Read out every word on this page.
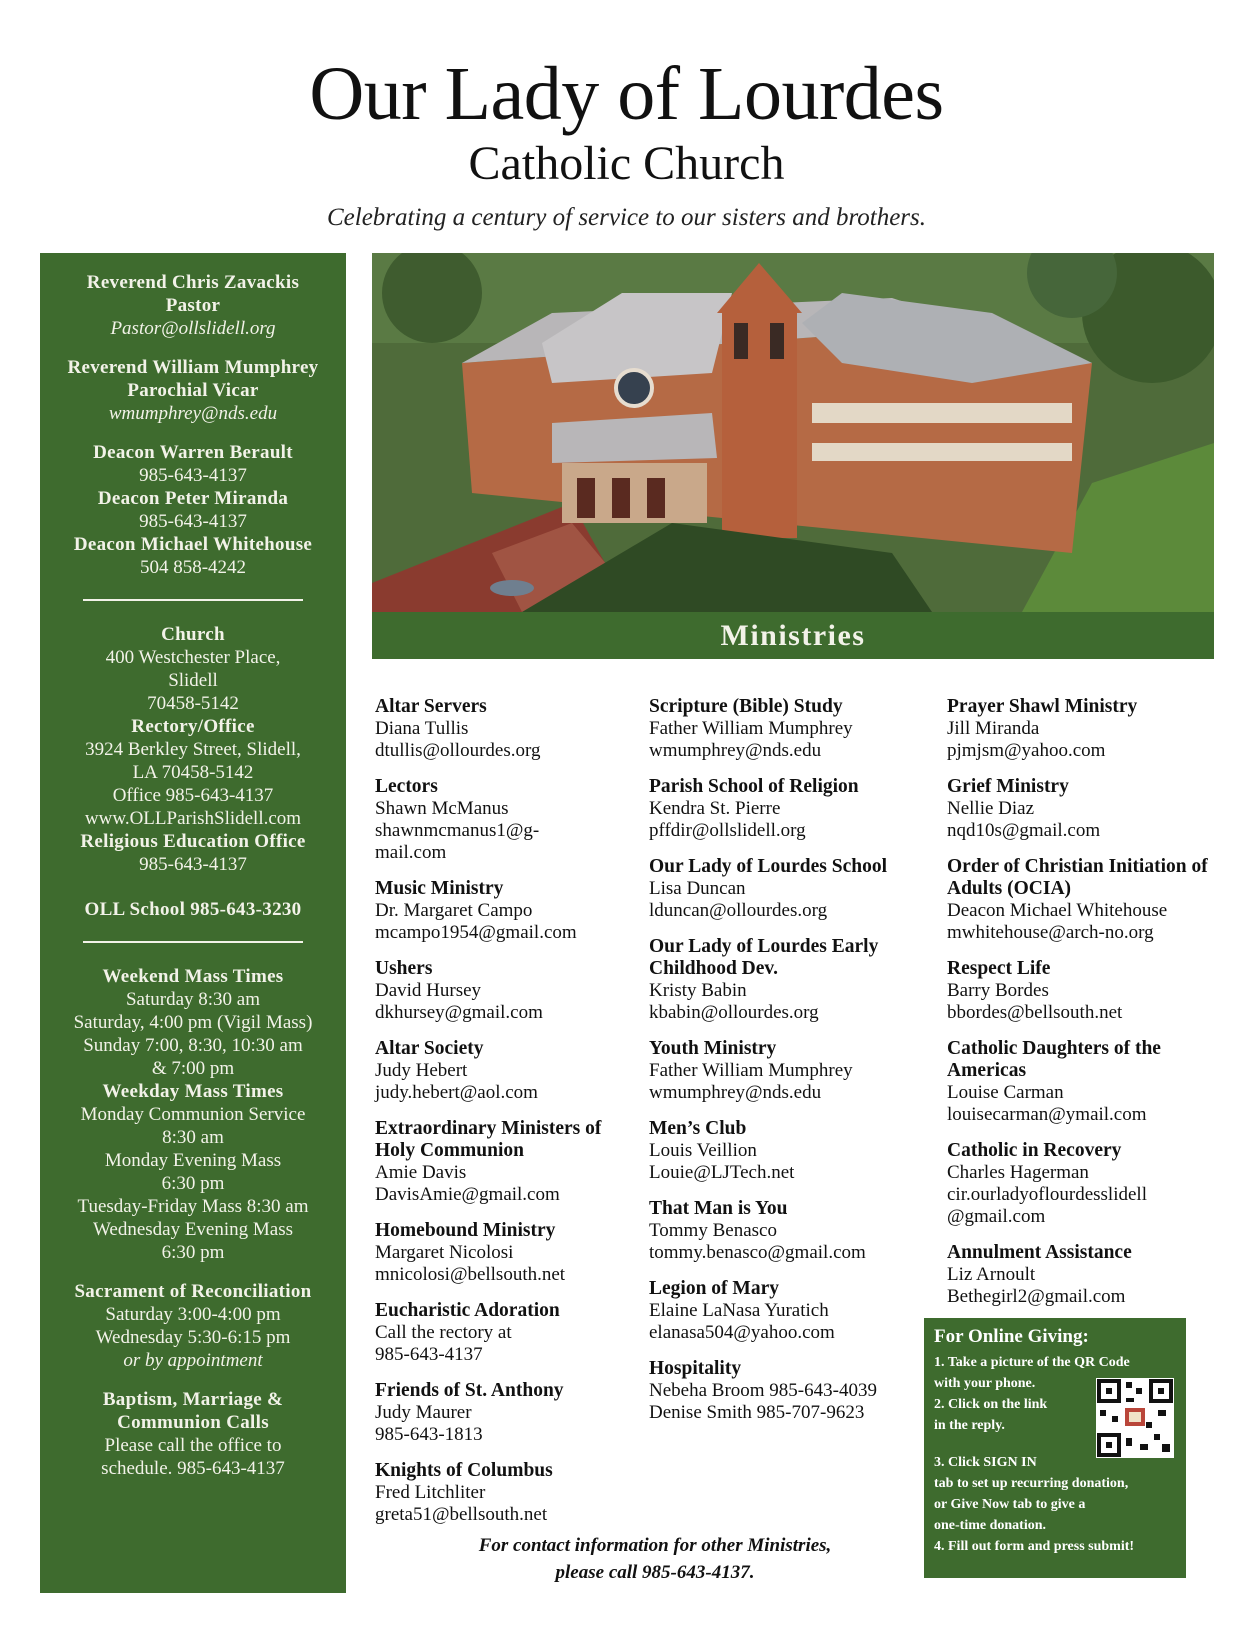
Our Lady of Lourdes
Catholic Church
Celebrating a century of service to our sisters and brothers.
Reverend Chris Zavackis
Pastor
Pastor@ollslidell.org
Reverend William Mumphrey
Parochial Vicar
wmumphrey@nds.edu
Deacon Warren Berault
985-643-4137
Deacon Peter Miranda
985-643-4137
Deacon Michael Whitehouse
504 858-4242
Church
400 Westchester Place,
Slidell
70458-5142
Rectory/Office
3924 Berkley Street, Slidell,
LA 70458-5142
Office 985-643-4137
www.OLLParishSlidell.com
Religious Education Office
985-643-4137
OLL School 985-643-3230
Weekend Mass Times
Saturday 8:30 am
Saturday, 4:00 pm (Vigil Mass)
Sunday 7:00, 8:30, 10:30 am
& 7:00 pm
Weekday Mass Times
Monday Communion Service
8:30 am
Monday Evening Mass
6:30 pm
Tuesday-Friday Mass 8:30 am
Wednesday Evening Mass
6:30 pm
Sacrament of Reconciliation
Saturday 3:00-4:00 pm
Wednesday 5:30-6:15 pm
or by appointment
Baptism, Marriage &
Communion Calls
Please call the office to
schedule. 985-643-4137
Ministries
Altar Servers
Diana Tullis
dtullis@ollourdes.org
Lectors
Shawn McManus
shawnmcmanus1@g-
mail.com
Music Ministry
Dr. Margaret Campo
mcampo1954@gmail.com
Ushers
David Hursey
dkhursey@gmail.com
Altar Society
Judy Hebert
judy.hebert@aol.com
Extraordinary Ministers of Holy Communion
Amie Davis
DavisAmie@gmail.com
Homebound Ministry
Margaret Nicolosi
mnicolosi@bellsouth.net
Eucharistic Adoration
Call the rectory at
985-643-4137
Friends of St. Anthony
Judy Maurer
985-643-1813
Knights of Columbus
Fred Litchliter
greta51@bellsouth.net
Scripture (Bible) Study
Father William Mumphrey
wmumphrey@nds.edu
Parish School of Religion
Kendra St. Pierre
pffdir@ollslidell.org
Our Lady of Lourdes School
Lisa Duncan
lduncan@ollourdes.org
Our Lady of Lourdes Early Childhood Dev.
Kristy Babin
kbabin@ollourdes.org
Youth Ministry
Father William Mumphrey
wmumphrey@nds.edu
Men’s Club
Louis Veillion
Louie@LJTech.net
That Man is You
Tommy Benasco
tommy.benasco@gmail.com
Legion of Mary
Elaine LaNasa Yuratich
elanasa504@yahoo.com
Hospitality
Nebeha Broom 985-643-4039
Denise Smith 985-707-9623
Prayer Shawl Ministry
Jill Miranda
pjmjsm@yahoo.com
Grief Ministry
Nellie Diaz
nqd10s@gmail.com
Order of Christian Initiation of Adults (OCIA)
Deacon Michael Whitehouse
mwhitehouse@arch-no.org
Respect Life
Barry Bordes
bbordes@bellsouth.net
Catholic Daughters of the Americas
Louise Carman
louisecarman@ymail.com
Catholic in Recovery
Charles Hagerman
cir.ourladyoflourdesslidell
@gmail.com
Annulment Assistance
Liz Arnoult
Bethegirl2@gmail.com
For Online Giving:
1. Take a picture of the QR Code
with your phone.
2. Click on the link
in the reply.
3. Click SIGN IN
tab to set up recurring donation,
or Give Now tab to give a
one-time donation.
4. Fill out form and press submit!
For contact information for other Ministries,
please call 985-643-4137.
